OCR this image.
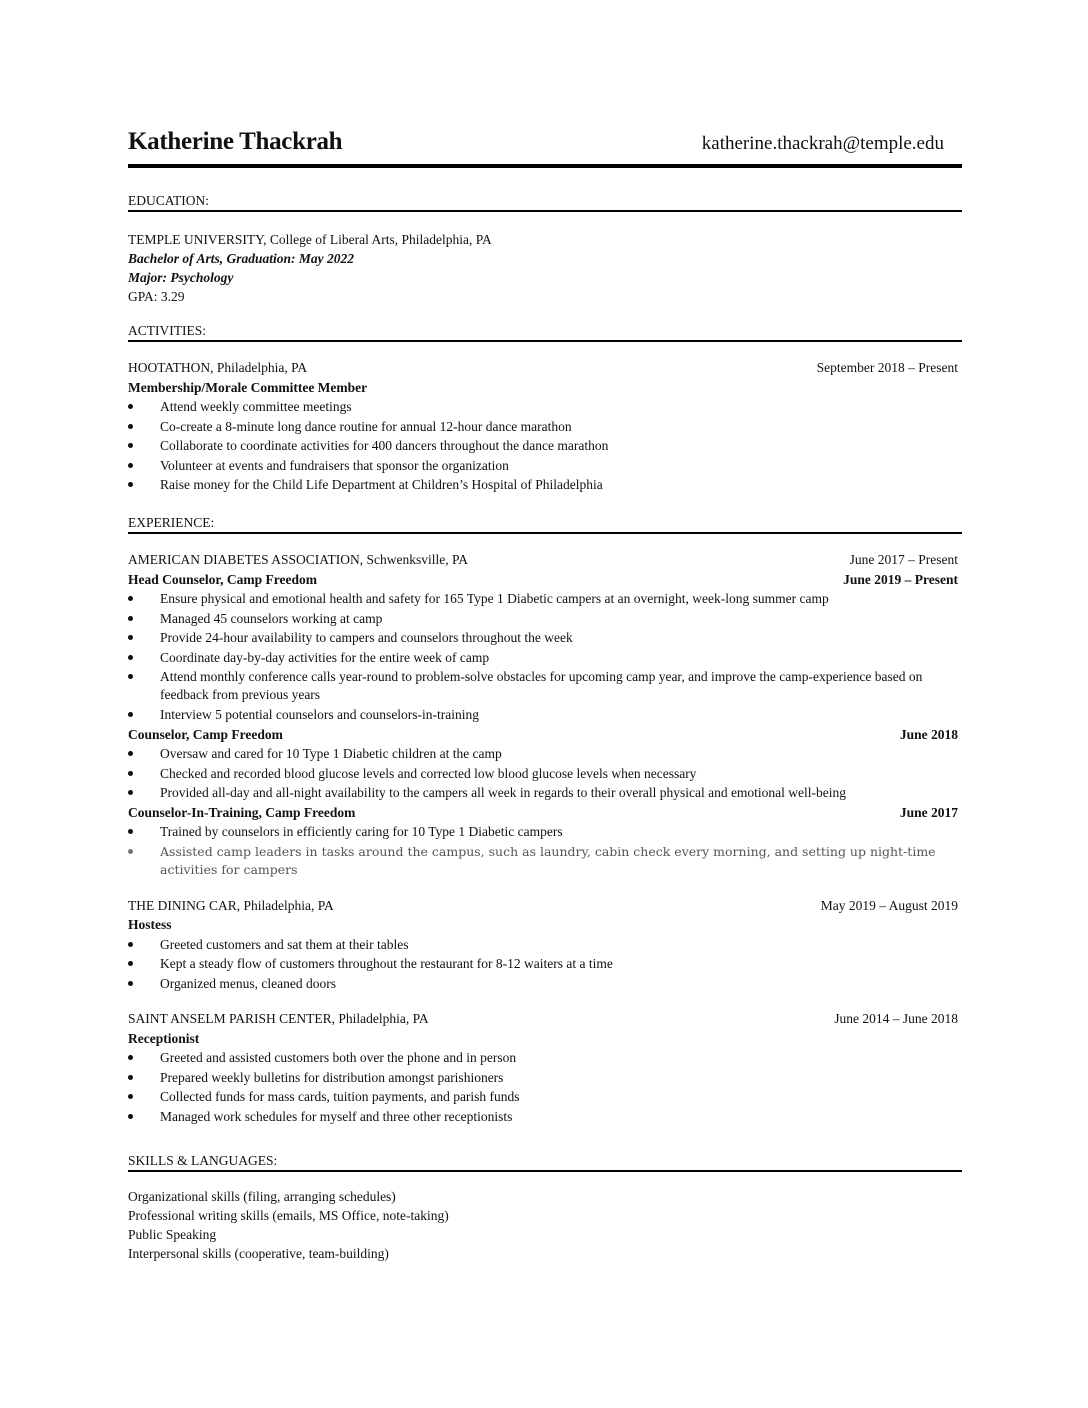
Katherine Thackrah	katherine.thackrah@temple.edu
EDUCATION:
TEMPLE UNIVERSITY, College of Liberal Arts, Philadelphia, PA
Bachelor of Arts, Graduation: May 2022
Major: Psychology
GPA: 3.29
ACTIVITIES:
HOOTATHON, Philadelphia, PA	September 2018 – Present
Membership/Morale Committee Member
Attend weekly committee meetings
Co-create a 8-minute long dance routine for annual 12-hour dance marathon
Collaborate to coordinate activities for 400 dancers throughout the dance marathon
Volunteer at events and fundraisers that sponsor the organization
Raise money for the Child Life Department at Children’s Hospital of Philadelphia
EXPERIENCE:
AMERICAN DIABETES ASSOCIATION, Schwenksville, PA	June 2017 – Present
Head Counselor, Camp Freedom	June 2019 – Present
Ensure physical and emotional health and safety for 165 Type 1 Diabetic campers at an overnight, week-long summer camp
Managed 45 counselors working at camp
Provide 24-hour availability to campers and counselors throughout the week
Coordinate day-by-day activities for the entire week of camp
Attend monthly conference calls year-round to problem-solve obstacles for upcoming camp year, and improve the camp-experience based on feedback from previous years
Interview 5 potential counselors and counselors-in-training
Counselor, Camp Freedom	June 2018
Oversaw and cared for 10 Type 1 Diabetic children at the camp
Checked and recorded blood glucose levels and corrected low blood glucose levels when necessary
Provided all-day and all-night availability to the campers all week in regards to their overall physical and emotional well-being
Counselor-In-Training, Camp Freedom	June 2017
Trained by counselors in efficiently caring for 10 Type 1 Diabetic campers
Assisted camp leaders in tasks around the campus, such as laundry, cabin check every morning, and setting up night-time activities for campers
THE DINING CAR, Philadelphia, PA	May 2019 – August 2019
Hostess
Greeted customers and sat them at their tables
Kept a steady flow of customers throughout the restaurant for 8-12 waiters at a time
Organized menus, cleaned doors
SAINT ANSELM PARISH CENTER, Philadelphia, PA	June 2014 – June 2018
Receptionist
Greeted and assisted customers both over the phone and in person
Prepared weekly bulletins for distribution amongst parishioners
Collected funds for mass cards, tuition payments, and parish funds
Managed work schedules for myself and three other receptionists
SKILLS & LANGUAGES:
Organizational skills (filing, arranging schedules)
Professional writing skills (emails, MS Office, note-taking)
Public Speaking
Interpersonal skills (cooperative, team-building)
